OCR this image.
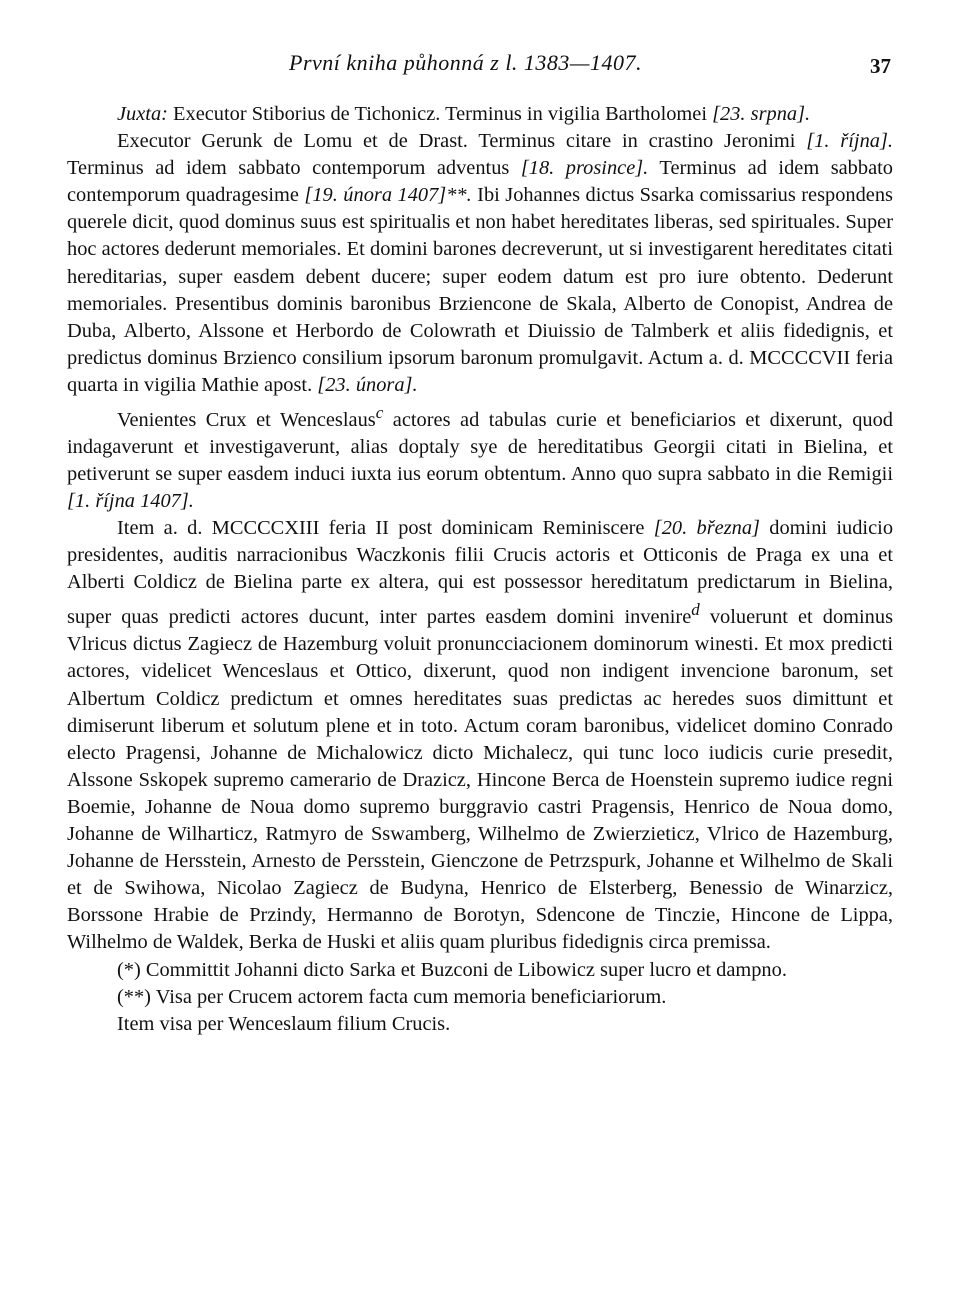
První kniha půhonná z l. 1383—1407.	37

Juxta: Executor Stiborius de Tichonicz. Terminus in vigilia Bartholomei [23. srpna].

Executor Gerunk de Lomu et de Drast. Terminus citare in crastino Jeronimi [1. října]. Terminus ad idem sabbato contemporum adventus [18. prosince]. Terminus ad idem sabbato contemporum quadragesime [19. února 1407]**. Ibi Johannes dictus Ssarka comissarius respondens querele dicit, quod dominus suus est spiritualis et non habet hereditates liberas, sed spirituales. Super hoc actores dederunt memoriales. Et domini barones decreverunt, ut si investigarent hereditates citati hereditarias, super easdem debent ducere; super eodem datum est pro iure obtento. Dederunt memoriales. Presentibus dominis baronibus Brziencone de Skala, Alberto de Conopist, Andrea de Duba, Alberto, Alssone et Herbordo de Colowrath et Diuissio de Talmberk et aliis fidedignis, et predictus dominus Brzienco consilium ipsorum baronum promulgavit. Actum a. d. MCCCCVII feria quarta in vigilia Mathie apost. [23. února].

Venientes Crux et Wenceslaus$^c$ actores ad tabulas curie et beneficiarios et dixerunt, quod indagaverunt et investigaverunt, alias doptaly sye de hereditatibus Georgii citati in Bielina, et petiverunt se super easdem induci iuxta ius eorum obtentum. Anno quo supra sabbato in die Remigii [1. října 1407].

Item a. d. MCCCCXIII feria II post dominicam Reminiscere [20. března] domini iudicio presidentes, auditis narracionibus Waczkonis filii Crucis actoris et Otticonis de Praga ex una et Alberti Coldicz de Bielina parte ex altera, qui est possessor hereditatum predictarum in Bielina, super quas predicti actores ducunt, inter partes easdem domini invenire$^d$ voluerunt et dominus Vlricus dictus Zagiecz de Hazemburg voluit pronuncciacionem dominorum winesti. Et mox predicti actores, videlicet Wenceslaus et Ottico, dixerunt, quod non indigent invencione baronum, set Albertum Coldicz predictum et omnes hereditates suas predictas ac heredes suos dimittunt et dimiserunt liberum et solutum plene et in toto. Actum coram baronibus, videlicet domino Conrado electo Pragensi, Johanne de Michalowicz dicto Michalecz, qui tunc loco iudicis curie presedit, Alssone Sskopek supremo camerario de Drazicz, Hincone Berca de Hoenstein supremo iudice regni Boemie, Johanne de Noua domo supremo burggravio castri Pragensis, Henrico de Noua domo, Johanne de Wilharticz, Ratmyro de Sswamberg, Wilhelmo de Zwierzieticz, Vlrico de Hazemburg, Johanne de Hersstein, Arnesto de Persstein, Gienczone de Petrzspurk, Johanne et Wilhelmo de Skali et de Swihowa, Nicolao Zagiecz de Budyna, Henrico de Elsterberg, Benessio de Winarzicz, Borssone Hrabie de Przindy, Hermanno de Borotyn, Sdencone de Tinczie, Hincone de Lippa, Wilhelmo de Waldek, Berka de Huski et aliis quam pluribus fidedignis circa premissa.

(*) Committit Johanni dicto Sarka et Buzconi de Libowicz super lucro et dampno.

(**) Visa per Crucem actorem facta cum memoria beneficiariorum.

Item visa per Wenceslaum filium Crucis.
